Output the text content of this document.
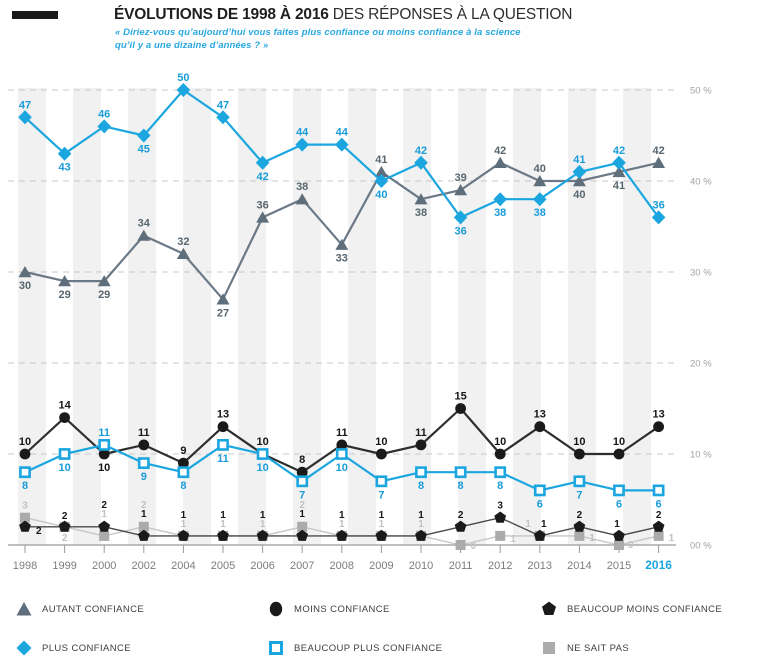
ÉVOLUTIONS DE 1998 À 2016 DES RÉPONSES À LA QUESTION
« Diriez-vous qu’aujourd’hui vous faites plus confiance ou moins confiance à la science
qu’il y a une dizaine d’années ? »
50 %
40 %
30 %
20 %
10 %
00 %
1998 1999 2000 2002 2004 2005 2006 2007 2008 2009 2010 2011 2012 2013 2014 2015 2016
3
2
1
2
1	1	1
2
1	1	1
0
1
1
1
0
1
2
2
2
1	1	1	1	1	1	1	1	2
3
1
2
1
2
10
14
10
11
9
13
10
8
11
10
11
15
10
13
10 10
13
8
10
11
9
8
11
10
7
10
7
8	8	8
6
7
6	6
30
29 29
34
32
27
36
38
33
41
38
39
42
40
40
41
42
47
43
46
45
50
47
42
44 44
40
42
36
38 38
41
42
36
AUTANT CONFIANCE
PLUS CONFIANCE
MOINS CONFIANCE
BEAUCOUP PLUS CONFIANCE
BEAUCOUP MOINS CONFIANCE
NE SAIT PAS
